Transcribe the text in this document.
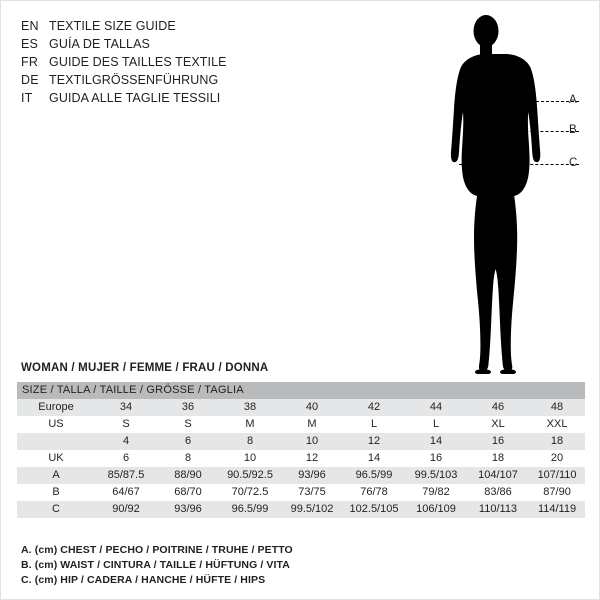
EN TEXTILE SIZE GUIDE
ES GUÍA DE TALLAS
FR GUIDE DES TAILLES TEXTILE
DE TEXTILGRÖSSENFÜHRUNG
IT	GUIDA ALLE TAGLIE TESSILI	A
B
C
WOMAN / MUJER / FEMME / FRAU / DONNA
SIZE / TALLA / TAILLE / GRÖSSE / TAGLIA								
Europe	34	36	38	40	42	44	46	48
US	S	S	M	M	L	L	XL	XXL
	4	6	8	10	12	14	16	18
UK	6	8	10	12	14	16	18	20
A	85/87.5	88/90	90.5/92.5	93/96	96.5/99	99.5/103	104/107	107/110
B	64/67	68/70	70/72.5	73/75	76/78	79/82	83/86	87/90
C	90/92	93/96	96.5/99	99.5/102	102.5/105	106/109	110/113	114/119
A. (cm) CHEST / PECHO / POITRINE / TRUHE / PETTO
B. (cm) WAIST / CINTURA / TAILLE / HÜFTUNG / VITA
C. (cm) HIP / CADERA / HANCHE / HÜFTE / HIPS
